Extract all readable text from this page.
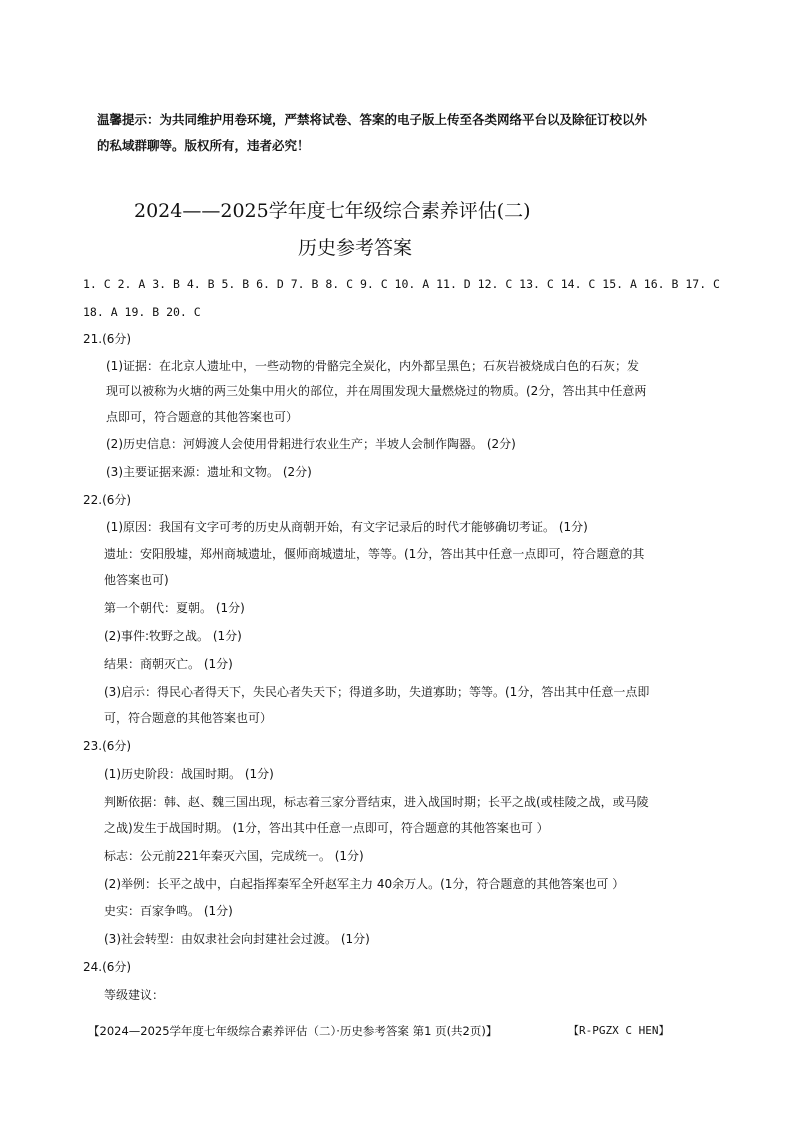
温馨提示：为共同维护用卷环境，严禁将试卷、答案的电子版上传至各类网络平台以及除征订校以外
的私域群聊等。版权所有，违者必究！
2024——2025学年度七年级综合素养评估(二)
历史参考答案
1. C 2. A 3. B 4. B 5. B 6. D 7. B 8. C 9. C 10. A 11. D 12. C 13. C 14. C 15. A 16. B 17. C
18. A 19. B 20. C
21.(6分)
(1)证据：在北京人遗址中，一些动物的骨骼完全炭化，内外都呈黑色；石灰岩被烧成白色的石灰；发
现可以被称为火塘的两三处集中用火的部位，并在周围发现大量燃烧过的物质。(2分，答出其中任意两
点即可，符合题意的其他答案也可）
(2)历史信息：河姆渡人会使用骨耜进行农业生产；半坡人会制作陶器。 (2分)
(3)主要证据来源：遗址和文物。 (2分)
22.(6分)
(1)原因：我国有文字可考的历史从商朝开始，有文字记录后的时代才能够确切考证。 (1分)
遗址：安阳殷墟，郑州商城遗址，偃师商城遗址，等等。(1分，答出其中任意一点即可，符合题意的其
他答案也可)
第一个朝代：夏朝。 (1分)
(2)事件:牧野之战。 (1分)
结果：商朝灭亡。 (1分)
(3)启示：得民心者得天下，失民心者失天下；得道多助，失道寡助；等等。(1分，答出其中任意一点即
可，符合题意的其他答案也可）
23.(6分)
(1)历史阶段：战国时期。 (1分)
判断依据：韩、赵、魏三国出现，标志着三家分晋结束，进入战国时期；长平之战(或桂陵之战，或马陵
之战)发生于战国时期。 (1分，答出其中任意一点即可，符合题意的其他答案也可 ）
标志：公元前221年秦灭六国，完成统一。 (1分)
(2)举例：长平之战中，白起指挥秦军全歼赵军主力 40余万人。(1分，符合题意的其他答案也可 ）
史实：百家争鸣。 (1分)
(3)社会转型：由奴隶社会向封建社会过渡。 (1分)
24.(6分)
等级建议：
【2024—2025学年度七年级综合素养评估（二）·历史参考答案 第1 页(共2页)】	【R-PGZX C HEN】
